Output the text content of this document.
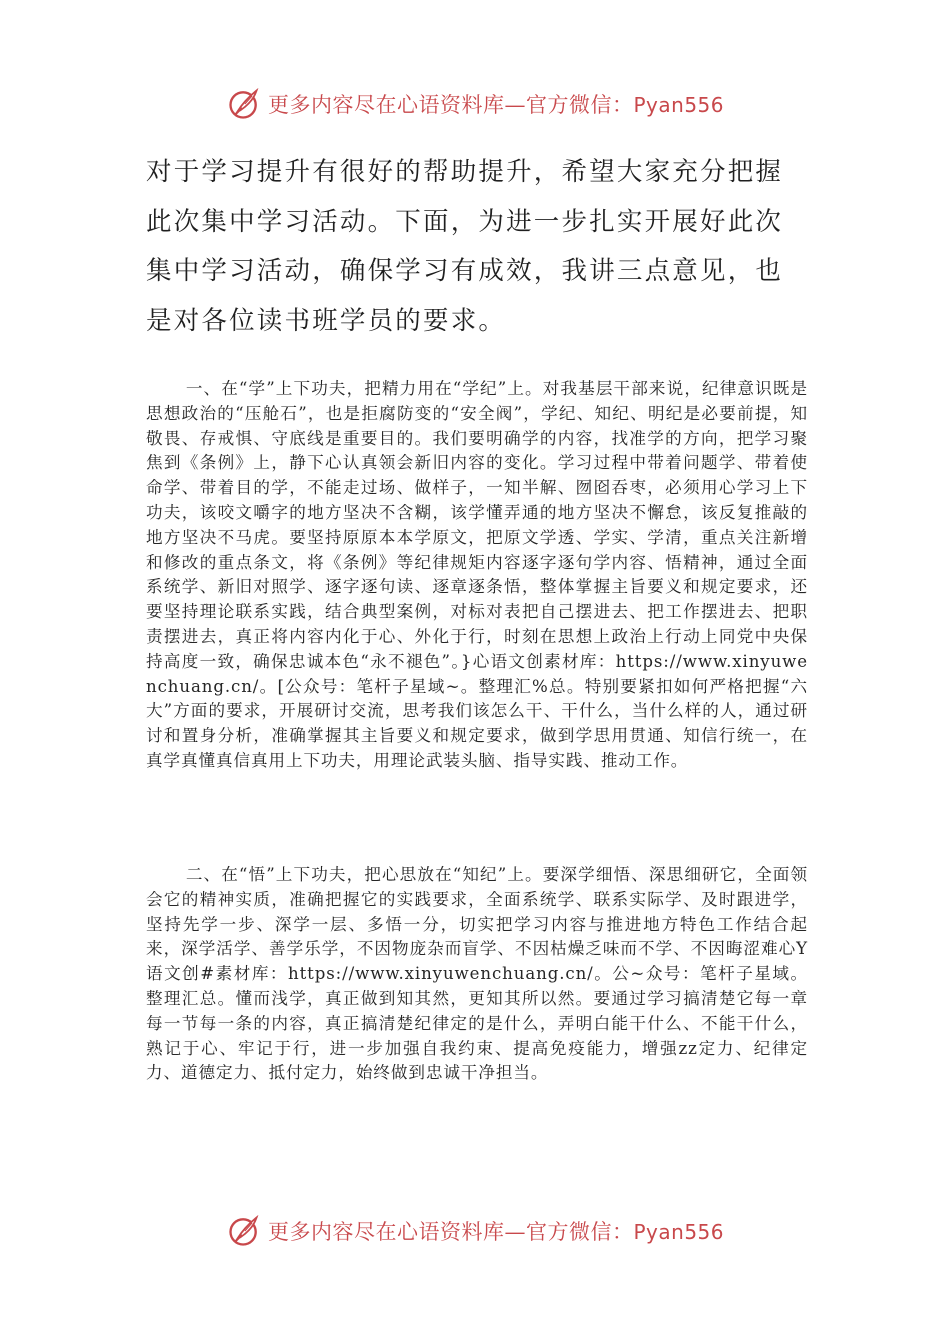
更多内容尽在心语资料库—官方微信：Pyan556

对于学习提升有很好的帮助提升，希望大家充分把握此次集中学习活动。下面，为进一步扎实开展好此次集中学习活动，确保学习有成效，我讲三点意见，也是对各位读书班学员的要求。

一、在“学”上下功夫，把精力用在“学纪”上。对我基层干部来说，纪律意识既是思想政治的“压舱石”，也是拒腐防变的“安全阀”，学纪、知纪、明纪是必要前提，知敬畏、存戒惧、守底线是重要目的。我们要明确学的内容，找准学的方向，把学习聚焦到《条例》上，静下心认真领会新旧内容的变化。学习过程中带着问题学、带着使命学、带着目的学，不能走过场、做样子，一知半解、囫囵吞枣，必须用心学习上下功夫，该咬文嚼字的地方坚决不含糊，该学懂弄通的地方坚决不懈怠，该反复推敲的地方坚决不马虎。要坚持原原本本学原文，把原文学透、学实、学清，重点关注新增和修改的重点条文，将《条例》等纪律规矩内容逐字逐句学内容、悟精神，通过全面系统学、新旧对照学、逐字逐句读、逐章逐条悟，整体掌握主旨要义和规定要求，还要坚持理论联系实践，结合典型案例，对标对表把自己摆进去、把工作摆进去、把职责摆进去，真正将内容内化于心、外化于行，时刻在思想上政治上行动上同党中央保持高度一致，确保忠诚本色“永不褪色”。}心语文创素材库：https://www.xinyuwenchuang.cn/。[公众号：笔杆子星域~。整理汇%总。特别要紧扣如何严格把握“六大”方面的要求，开展研讨交流，思考我们该怎么干、干什么，当什么样的人，通过研讨和置身分析，准确掌握其主旨要义和规定要求，做到学思用贯通、知信行统一，在真学真懂真信真用上下功夫，用理论武装头脑、指导实践、推动工作。

二、在“悟”上下功夫，把心思放在“知纪”上。要深学细悟、深思细研它，全面领会它的精神实质，准确把握它的实践要求，全面系统学、联系实际学、及时跟进学，坚持先学一步、深学一层、多悟一分，切实把学习内容与推进地方特色工作结合起来，深学活学、善学乐学，不因物庞杂而盲学、不因枯燥乏味而不学、不因晦涩难心Y语文创#素材库：https://www.xinyuwenchuang.cn/。公~众号：笔杆子星域。整理汇总。懂而浅学，真正做到知其然，更知其所以然。要通过学习搞清楚它每一章每一节每一条的内容，真正搞清楚纪律定的是什么，弄明白能干什么、不能干什么，熟记于心、牢记于行，进一步加强自我约束、提高免疫能力，增强zz定力、纪律定力、道德定力、抵付定力，始终做到忠诚干净担当。

更多内容尽在心语资料库—官方微信：Pyan556
